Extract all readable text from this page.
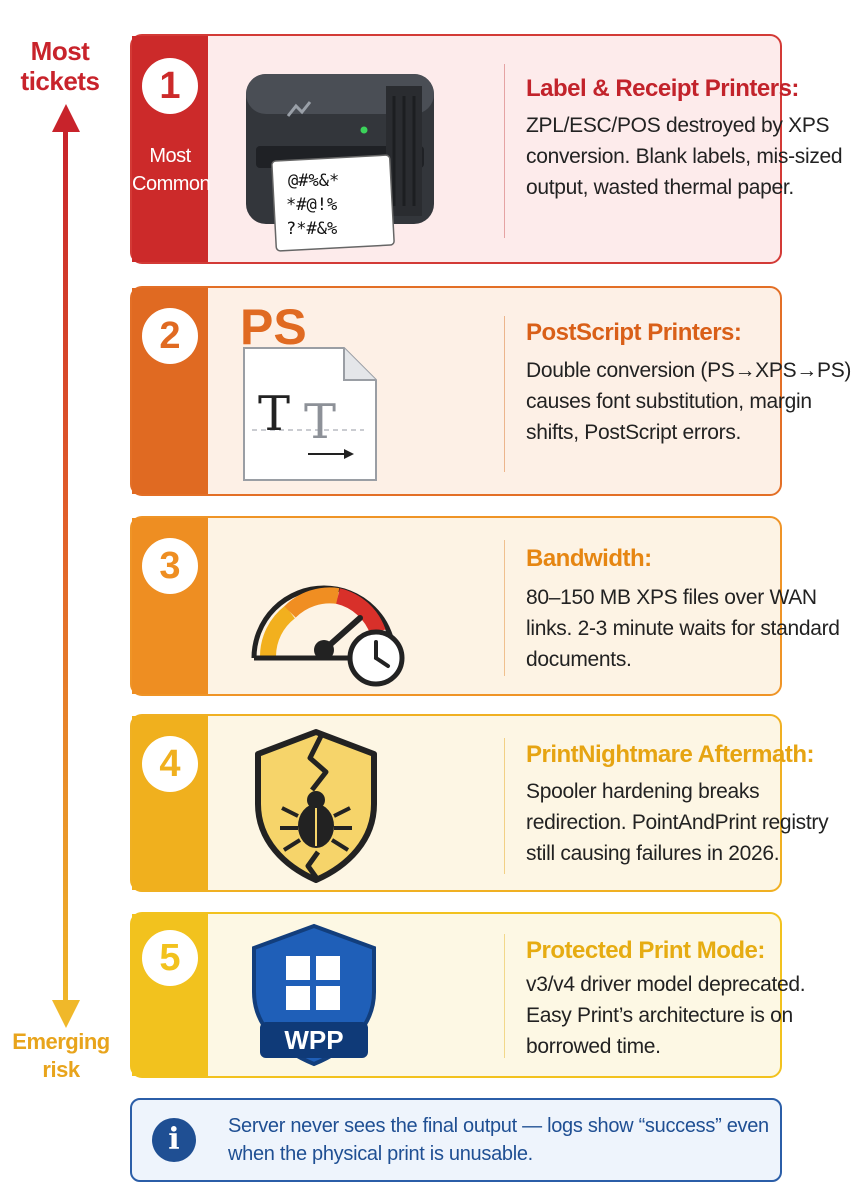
Most
tickets
Emerging
risk
1
Most
Common	@#%&*
*#@!%
?*#&%
Label & Receipt Printers:
ZPL/ESC/POS destroyed by XPS conversion. Blank labels, mis-sized output, wasted thermal paper.
2	PS
T T
PostScript Printers:
Double conversion (PS→XPS→PS) causes font substitution, margin shifts, PostScript errors.
3	Bandwidth:
80–150 MB XPS files over WAN links. 2-3 minute waits for standard documents.
4	PrintNightmare Aftermath:
Spooler hardening breaks redirection. PointAndPrint registry still causing failures in 2026.
5
WPP
Protected Print Mode:
v3/v4 driver model deprecated. Easy Print’s architecture is on borrowed time.
i	Server never sees the final output — logs show “success” even when the physical print is unusable.
